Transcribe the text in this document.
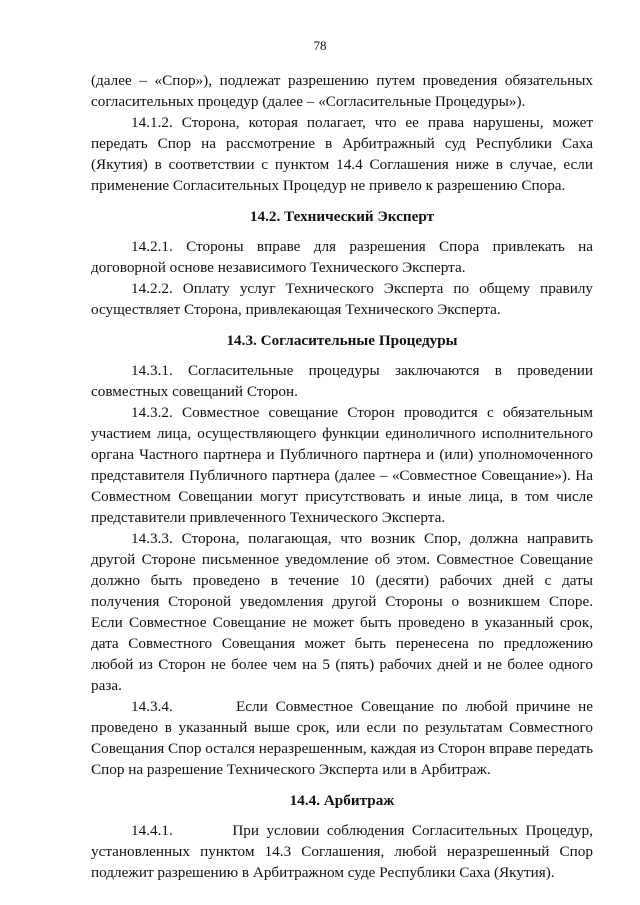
78

(далее – «Спор»), подлежат разрешению путем проведения обязательных согласительных процедур (далее – «Согласительные Процедуры»).

14.1.2. Сторона, которая полагает, что ее права нарушены, может передать Спор на рассмотрение в Арбитражный суд Республики Саха (Якутия) в соответствии с пунктом 14.4 Соглашения ниже в случае, если применение Согласительных Процедур не привело к разрешению Спора.

14.2. Технический Эксперт

14.2.1. Стороны вправе для разрешения Спора привлекать на договорной основе независимого Технического Эксперта.

14.2.2. Оплату услуг Технического Эксперта по общему правилу осуществляет Сторона, привлекающая Технического Эксперта.

14.3. Согласительные Процедуры

14.3.1. Согласительные процедуры заключаются в проведении совместных совещаний Сторон.

14.3.2. Совместное совещание Сторон проводится с обязательным участием лица, осуществляющего функции единоличного исполнительного органа Частного партнера и Публичного партнера и (или) уполномоченного представителя Публичного партнера (далее – «Совместное Совещание»). На Совместном Совещании могут присутствовать и иные лица, в том числе представители привлеченного Технического Эксперта.

14.3.3. Сторона, полагающая, что возник Спор, должна направить другой Стороне письменное уведомление об этом. Совместное Совещание должно быть проведено в течение 10 (десяти) рабочих дней с даты получения Стороной уведомления другой Стороны о возникшем Споре. Если Совместное Совещание не может быть проведено в указанный срок, дата Совместного Совещания может быть перенесена по предложению любой из Сторон не более чем на 5 (пять) рабочих дней и не более одного раза.

14.3.4.        Если Совместное Совещание по любой причине не проведено в указанный выше срок, или если по результатам Совместного Совещания Спор остался неразрешенным, каждая из Сторон вправе передать Спор на разрешение Технического Эксперта или в Арбитраж.

14.4. Арбитраж

14.4.1.        При условии соблюдения Согласительных Процедур, установленных пунктом 14.3 Соглашения, любой неразрешенный Спор подлежит разрешению в Арбитражном суде Республики Саха (Якутия).
